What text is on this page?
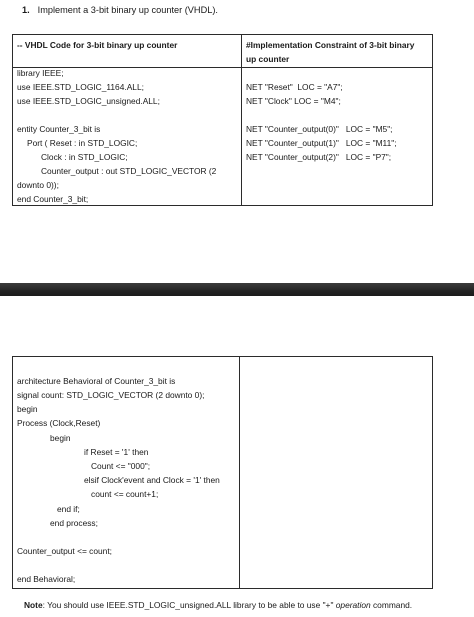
1. Implement a 3-bit binary up counter (VHDL).
-- VHDL Code for 3-bit binary up counter	#Implementation Constraint of 3-bit binary
up counter
library IEEE;
use IEEE.STD_LOGIC_1164.ALL;
use IEEE.STD_LOGIC_unsigned.ALL;
entity Counter_3_bit is
Port ( Reset : in STD_LOGIC;
Clock : in STD_LOGIC;
Counter_output : out STD_LOGIC_VECTOR (2
downto 0));
end Counter_3_bit;
NET "Reset"  LOC = "A7";
NET "Clock" LOC = "M4";
NET "Counter_output(0)"   LOC = "M5";
NET "Counter_output(1)"   LOC = "M11";
NET "Counter_output(2)"   LOC = "P7";
architecture Behavioral of Counter_3_bit is
signal count: STD_LOGIC_VECTOR (2 downto 0);
begin
Process (Clock,Reset)
begin
if Reset = '1' then
Count <= "000";
elsif Clock'event and Clock = '1' then
count <= count+1;
end if;
end process;
Counter_output <= count;
end Behavioral;
Note: You should use IEEE.STD_LOGIC_unsigned.ALL library to be able to use "+" operation command.
